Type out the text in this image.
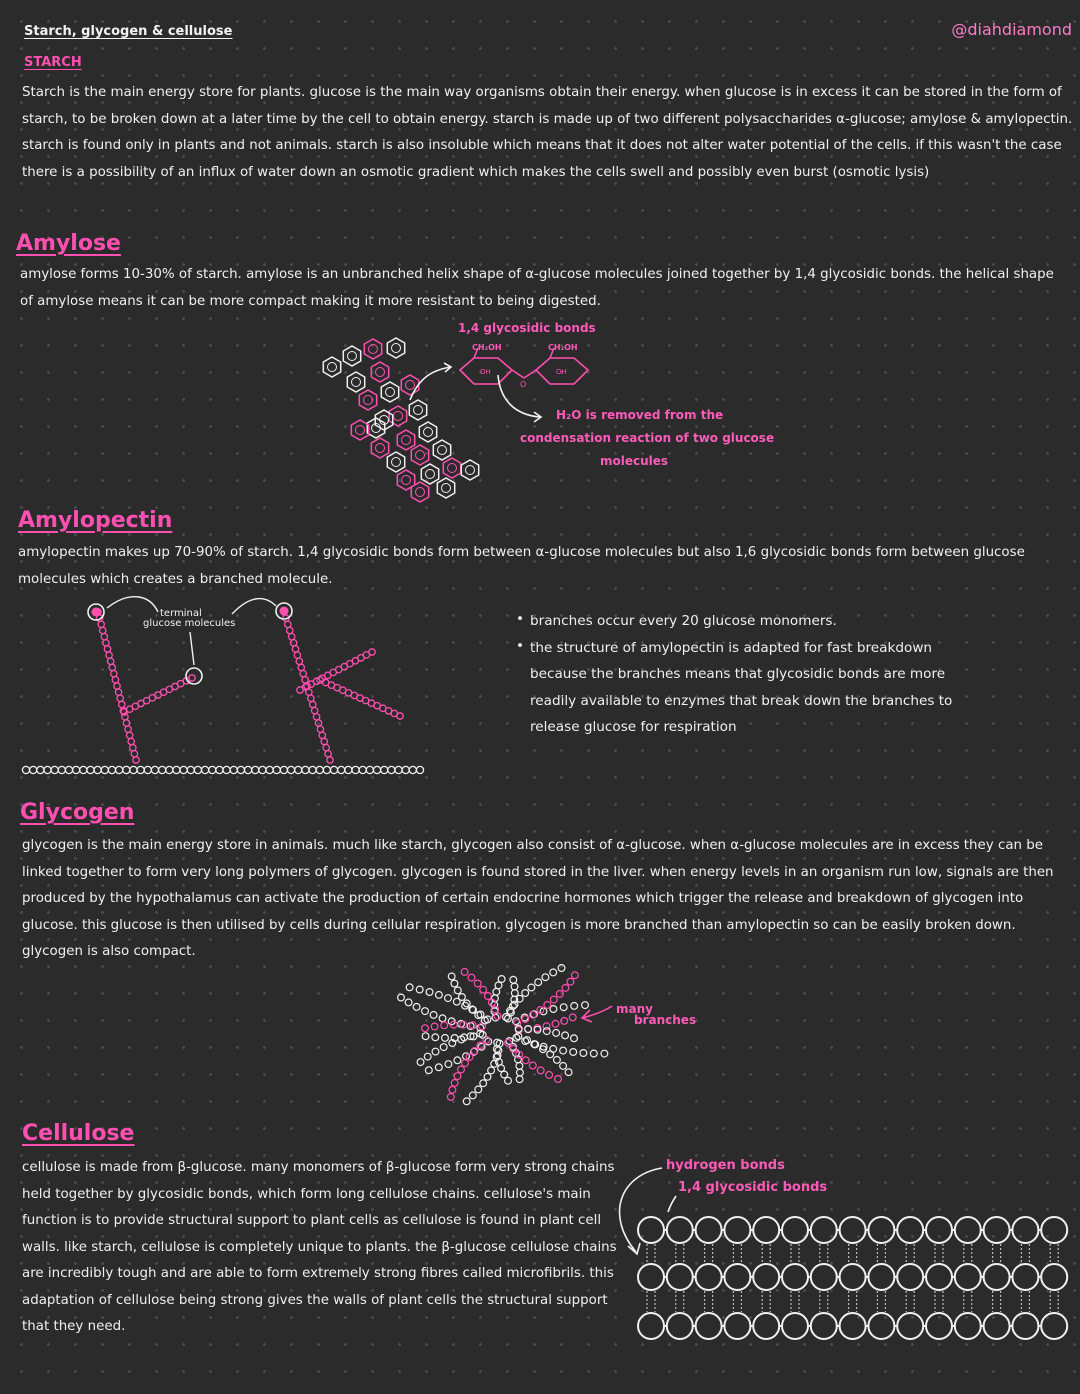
Starch, glycogen & cellulose	@diahdiamond
STARCH
Starch is the main energy store for plants. glucose is the main way organisms obtain their energy. when glucose is in excess it can be stored in the form of starch, to be broken down at a later time by the cell to obtain energy. starch is made up of two different polysaccharides α-glucose; amylose & amylopectin. starch is found only in plants and not animals. starch is also insoluble which means that it does not alter water potential of the cells. if this wasn't the case there is a possibility of an influx of water down an osmotic gradient which makes the cells swell and possibly even burst (osmotic lysis)
Amylose
amylose forms 10-30% of starch. amylose is an unbranched helix shape of α-glucose molecules joined together by 1,4 glycosidic bonds. the helical shape of amylose means it can be more compact making it more resistant to being digested.
1,4 glycosidic bonds
CH₂OH	CH₂OH
H₂O is removed from the
condensation reaction of two glucose
molecules
O
OH	OH
Amylopectin
amylopectin makes up 70-90% of starch. 1,4 glycosidic bonds form between α-glucose molecules but also 1,6 glycosidic bonds form between glucose molecules which creates a branched molecule.
terminal
glucose molecules
•	branches occur every 20 glucose monomers.
• the structure of amylopectin is adapted for fast breakdown because the branches means that glycosidic bonds are more readily available to enzymes that break down the branches to release glucose for respiration
Glycogen
glycogen is the main energy store in animals. much like starch, glycogen also consist of α-glucose. when α-glucose molecules are in excess they can be linked together to form very long polymers of glycogen. glycogen is found stored in the liver. when energy levels in an organism run low, signals are then produced by the hypothalamus can activate the production of certain endocrine hormones which trigger the release and breakdown of glycogen into glucose. this glucose is then utilised by cells during cellular respiration. glycogen is more branched than amylopectin so can be easily broken down. glycogen is also compact.
many
branches
Cellulose
cellulose is made from β-glucose. many monomers of β-glucose form very strong chains held together by glycosidic bonds, which form long cellulose chains. cellulose's main function is to provide structural support to plant cells as cellulose is found in plant cell walls. like starch, cellulose is completely unique to plants. the β-glucose cellulose chains are incredibly tough and are able to form extremely strong fibres called microfibrils. this adaptation of cellulose being strong gives the walls of plant cells the structural support that they need.
hydrogen bonds
1,4 glycosidic bonds
